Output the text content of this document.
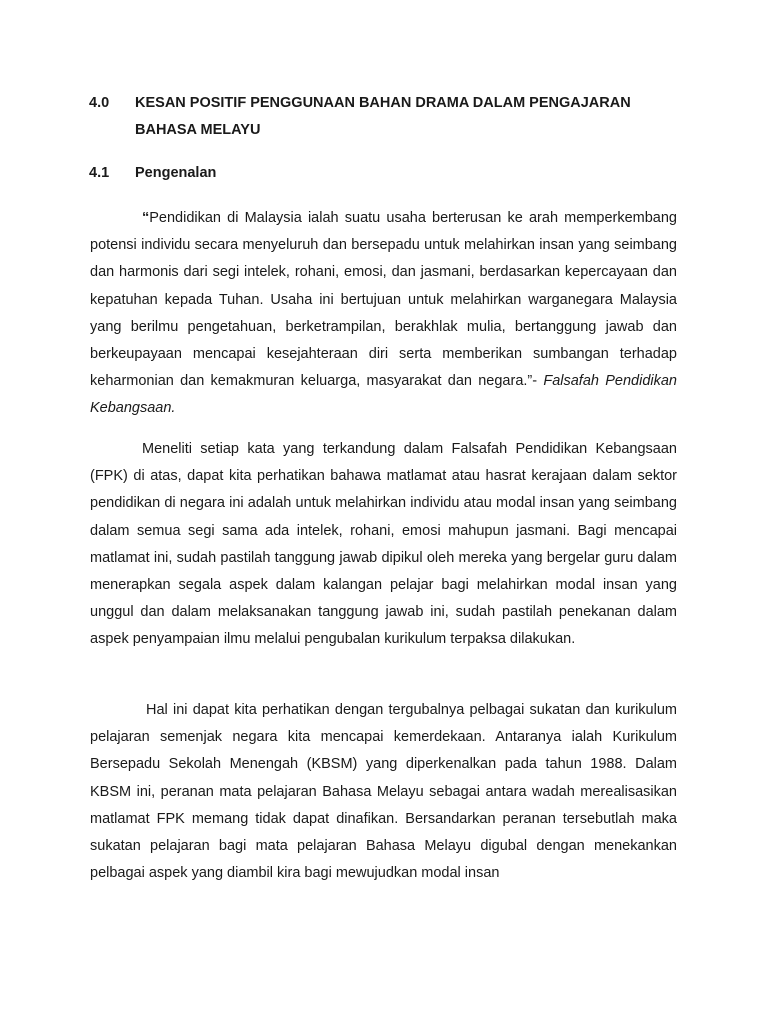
4.0	KESAN POSITIF PENGGUNAAN BAHAN DRAMA DALAM PENGAJARAN BAHASA MELAYU
4.1	Pengenalan

“Pendidikan di Malaysia ialah suatu usaha berterusan ke arah memperkembang potensi individu secara menyeluruh dan bersepadu untuk melahirkan insan yang seimbang dan harmonis dari segi intelek, rohani, emosi, dan jasmani, berdasarkan kepercayaan dan kepatuhan kepada Tuhan. Usaha ini bertujuan untuk melahirkan warganegara Malaysia yang berilmu pengetahuan, berketrampilan, berakhlak mulia, bertanggung jawab dan berkeupayaan mencapai kesejahteraan diri serta memberikan sumbangan terhadap keharmonian dan kemakmuran keluarga, masyarakat dan negara.”- Falsafah Pendidikan Kebangsaan.

Meneliti setiap kata yang terkandung dalam Falsafah Pendidikan Kebangsaan (FPK) di atas, dapat kita perhatikan bahawa matlamat atau hasrat kerajaan dalam sektor pendidikan di negara ini adalah untuk melahirkan individu atau modal insan yang seimbang dalam semua segi sama ada intelek, rohani, emosi mahupun jasmani. Bagi mencapai matlamat ini, sudah pastilah tanggung jawab dipikul oleh mereka yang bergelar guru dalam menerapkan segala aspek dalam kalangan pelajar bagi melahirkan modal insan yang unggul dan dalam melaksanakan tanggung jawab ini, sudah pastilah penekanan dalam aspek penyampaian ilmu melalui pengubalan kurikulum terpaksa dilakukan.

Hal ini dapat kita perhatikan dengan tergubalnya pelbagai sukatan dan kurikulum pelajaran semenjak negara kita mencapai kemerdekaan. Antaranya ialah Kurikulum Bersepadu Sekolah Menengah (KBSM) yang diperkenalkan pada tahun 1988. Dalam KBSM ini, peranan mata pelajaran Bahasa Melayu sebagai antara wadah merealisasikan matlamat FPK memang tidak dapat dinafikan. Bersandarkan peranan tersebutlah maka sukatan pelajaran bagi mata pelajaran Bahasa Melayu digubal dengan menekankan pelbagai aspek yang diambil kira bagi mewujudkan modal insan
